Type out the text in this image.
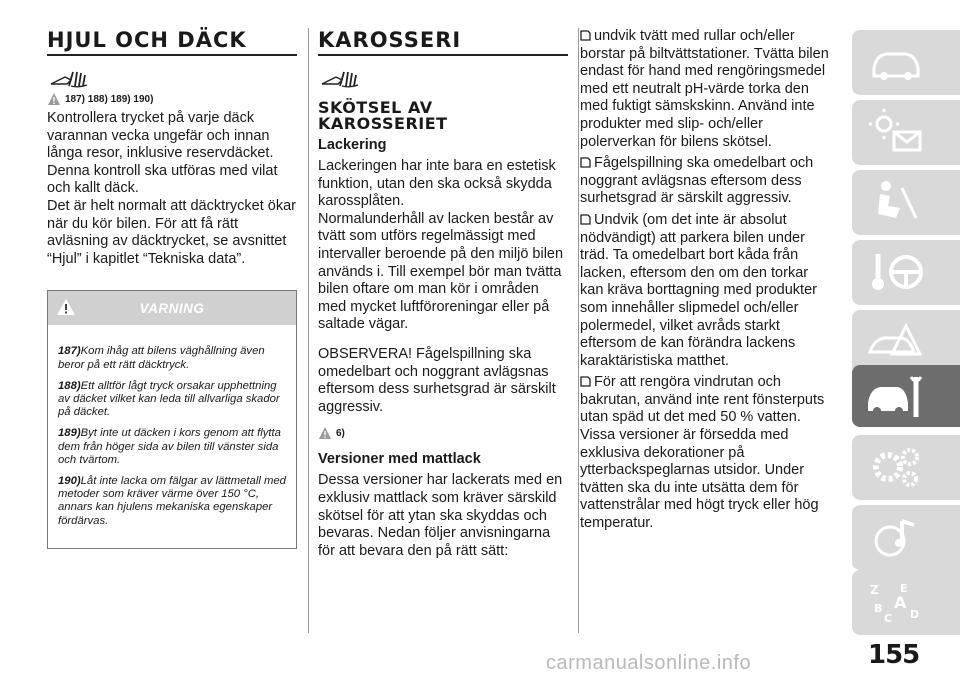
HJUL OCH DÄCK
187) 188) 189) 190)

Kontrollera trycket på varje däck varannan vecka ungefär och innan långa resor, inklusive reservdäcket. Denna kontroll ska utföras med vilat och kallt däck.

Det är helt normalt att däcktrycket ökar när du kör bilen. För att få rätt avläsning av däcktrycket, se avsnittet “Hjul” i kapitlet “Tekniska data”.

VARNING

187)Kom ihåg att bilens väghållning även beror på ett rätt däcktryck.

188)Ett alltför lågt tryck orsakar upphettning av däcket vilket kan leda till allvarliga skador på däcket.

189)Byt inte ut däcken i kors genom att flytta dem från höger sida av bilen till vänster sida och tvärtom.

190)Låt inte lacka om fälgar av lättmetall med metoder som kräver värme över 150 °C, annars kan hjulens mekaniska egenskaper fördärvas.

KAROSSERI
SKÖTSEL AV KAROSSERIET
Lackering

Lackeringen har inte bara en estetisk funktion, utan den ska också skydda karossplåten.

Normalunderhåll av lacken består av tvätt som utförs regelmässigt med intervaller beroende på den miljö bilen används i. Till exempel bör man tvätta bilen oftare om man kör i områden med mycket luftföroreningar eller på saltade vägar.

OBSERVERA! Fågelspillning ska omedelbart och noggrant avlägsnas eftersom dess surhetsgrad är särskilt aggressiv.

6)
Versioner med mattlack

Dessa versioner har lackerats med en exklusiv mattlack som kräver särskild skötsel för att ytan ska skyddas och bevaras. Nedan följer anvisningarna för att bevara den på rätt sätt:

undvik tvätt med rullar och/eller borstar på biltvättstationer. Tvätta bilen endast för hand med rengöringsmedel med ett neutralt pH-värde torka den med fuktigt sämskskinn. Använd inte produkter med slip- och/eller polerverkan för bilens skötsel.

Fågelspillning ska omedelbart och noggrant avlägsnas eftersom dess surhetsgrad är särskilt aggressiv.

Undvik (om det inte är absolut nödvändigt) att parkera bilen under träd. Ta omedelbart bort kåda från lacken, eftersom den om den torkar kan kräva borttagning med produkter som innehåller slipmedel och/eller polermedel, vilket avråds starkt eftersom de kan förändra lackens karaktäristiska matthet.

För att rengöra vindrutan och bakrutan, använd inte rent fönsterputs utan späd ut det med 50 % vatten. Vissa versioner är försedda med exklusiva dekorationer på ytterbackspeglarnas utsidor. Under tvätten ska du inte utsätta dem för vattenstrålar med högt tryck eller hög temperatur.

Z E
B A
C D
155
carmanualsonline.info
